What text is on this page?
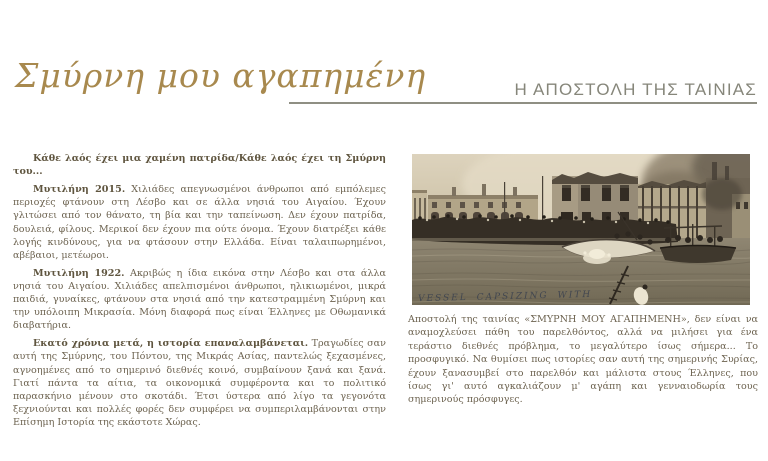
Σμύρνη μου αγαπημένη	Η ΑΠΟΣΤΟΛΗ ΤΗΣ ΤΑΙΝΙΑΣ

Κάθε λαός έχει μια χαμένη πατρίδα/Κάθε λαός έχει τη Σμύρνη του...

Μυτιλήνη 2015. Χιλιάδες απεγνωσμένοι άνθρωποι από εμπόλεμες περιοχές φτάνουν στη Λέσβο και σε άλλα νησιά του Αιγαίου. Έχουν γλιτώσει από τον θάνατο, τη βία και την ταπείνωση. Δεν έχουν πατρίδα, δουλειά, φίλους. Μερικοί δεν έχουν πια ούτε όνομα. Έχουν διατρέξει κάθε λογής κινδύνους, για να φτάσουν στην Ελλάδα. Είναι ταλαιπωρημένοι, αβέβαιοι, μετέωροι.

Μυτιλήνη 1922. Ακριβώς η ίδια εικόνα στην Λέσβο και στα άλλα νησιά του Αιγαίου. Χιλιάδες απελπισμένοι άνθρωποι, ηλικιωμένοι, μικρά παιδιά, γυναίκες, φτάνουν στα νησιά από την κατεστραμμένη Σμύρνη και την υπόλοιπη Μικρασία. Μόνη διαφορά πως είναι Έλληνες με Οθωμανικά διαβατήρια.

Εκατό χρόνια μετά, η ιστορία επαναλαμβάνεται. Τραγωδίες σαν αυτή της Σμύρνης, του Πόντου, της Μικράς Ασίας, παντελώς ξεχασμένες, αγνοημένες από το σημερινό διεθνές κοινό, συμβαίνουν ξανά και ξανά. Γιατί πάντα τα αίτια, τα οικονομικά συμφέροντα και το πολιτικό παρασκήνιο μένουν στο σκοτάδι. Έτσι ύστερα από λίγο τα γεγονότα ξεχνιούνται και πολλές φορές δεν συμφέρει να συμπεριλαμβάνονται στην Επίσημη Ιστορία της εκάστοτε Χώρας.

VESSEL CAPSIZING WITH

Αποστολή της ταινίας «ΣΜΥΡΝΗ ΜΟΥ ΑΓΑΠΗΜΕΝΗ», δεν είναι να αναμοχλεύσει πάθη του παρελθόντος, αλλά να μιλήσει για ένα τεράστιο διεθνές πρόβλημα, το μεγαλύτερο ίσως σήμερα... Το προσφυγικό. Να θυμίσει πως ιστορίες σαν αυτή της σημερινής Συρίας, έχουν ξανασυμβεί στο παρελθόν και μάλιστα στους Έλληνες, που ίσως γι' αυτό αγκαλιάζουν μ' αγάπη και γενναιοδωρία τους σημερινούς πρόσφυγες.
